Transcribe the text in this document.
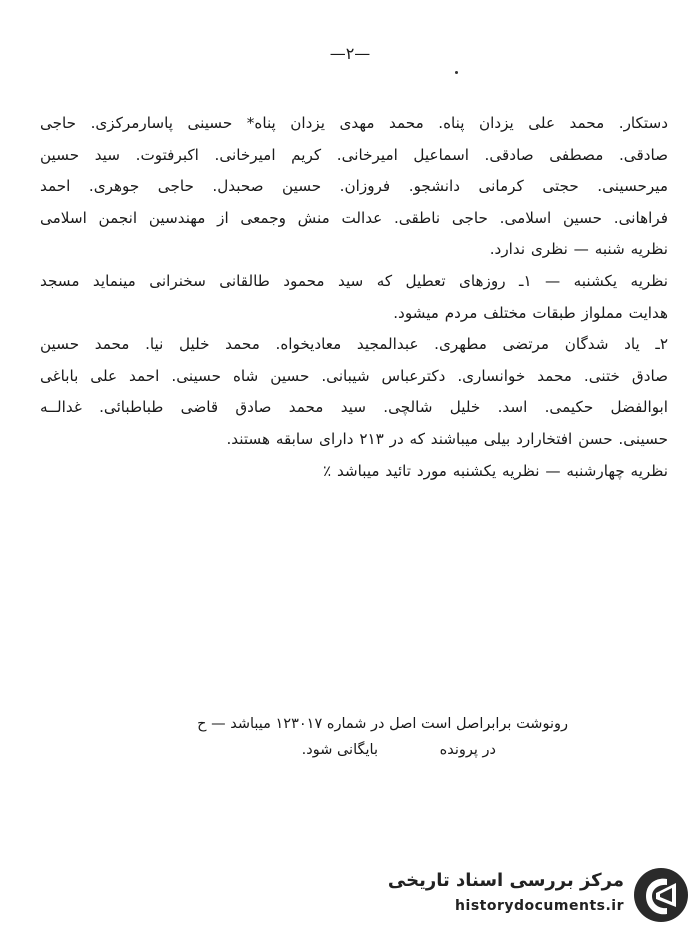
—۲—

دستکار. محمد علی یزدان پناه. محمد مهدی یزدان پناه* حسینی پاسارمرکزی. حاجی

صادقی. مصطفی صادقی. اسماعیل امیرخانی. کریم امیرخانی. اکبرفتوت. سید حسین

میرحسینی. حجتی کرمانی دانشجو. فروزان. حسین صحبدل. حاجی جوهری. احمد

فراهانی. حسین اسلامی. حاجی ناطقی. عدالت منش وجمعی از مهندسین انجمن اسلامی

نظریه شنبه — نظری ندارد.

نظریه یکشنبه — ۱ـ روزهای تعطیل که سید محمود طالقانی سخنرانی مینماید مسجد

هدایت مملواز طبقات مختلف مردم میشود.

۲ـ یاد شدگان مرتضی مطهری. عبدالمجید معادیخواه. محمد خلیل نیا. محمد حسین

صادق ختنی. محمد خوانساری. دکترعباس شیبانی. حسین شاه حسینی. احمد علی باباغی

ابوالفضل حکیمی. اسد. خلیل شالچی. سید محمد صادق قاضی طباطبائی. غدالــه

حسینی. حسن افتخارارد بیلی میباشند که در ۲۱۳ دارای سابقه هستند.

نظریه چهارشنبه — نظریه یکشنبه مورد تائید میباشد ٪

رونوشت برابراصل است اصل در شماره ۱۲۳۰۱۷ میباشد — ح
در پرونده
بایگانی شود.
مرکز بررسی اسناد تاریخی
historydocuments.ir
